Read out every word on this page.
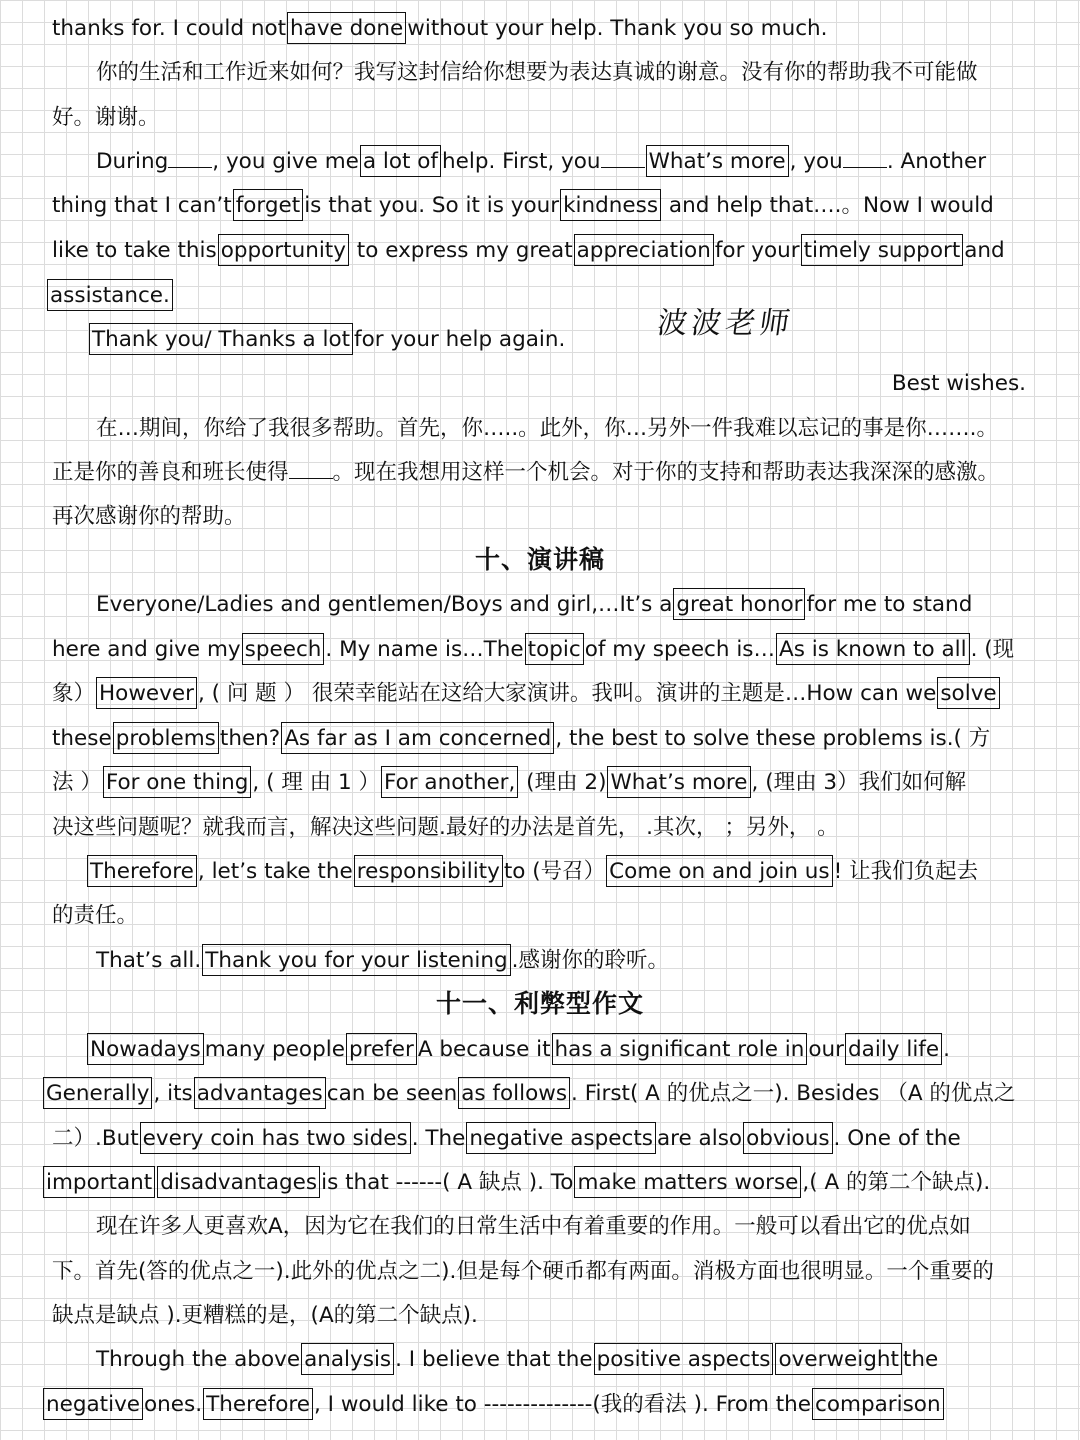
波波老师
thanks for. I could not have done without your help. Thank you so much.
你的生活和工作近来如何？我写这封信给你想要为表达真诚的谢意。没有你的帮助我不可能做
好。谢谢。
During , you give me a lot of help. First, you What’s more , you . Another
thing that I can’t forget is that you. So it is your kindness and help that….。Now I would
like to take this opportunity to express my great appreciation for your timely support and
assistance.
Thank you/ Thanks a lot for your help again.
Best wishes.
在…期间，你给了我很多帮助。首先，你…..。此外，你…另外一件我难以忘记的事是你…….。
正是你的善良和班长使得 。现在我想用这样一个机会。对于你的支持和帮助表达我深深的感激。
再次感谢你的帮助。
十、演讲稿
Everyone/Ladies and gentlemen/Boys and girl,…It’s a great honor for me to stand
here and give my speech . My name is…The topic of my speech is… As is known to all . (现
象） However , ( 问 题 ） 很荣幸能站在这给大家演讲。我叫。演讲的主题是…How can we solve
these problems then? As far as I am concerned , the best to solve these problems is.( 方
法 ） For one thing , ( 理 由 1 ） For another, (理由 2) What’s more , (理由 3）我们如何解
决这些问题呢？就我而言，解决这些问题.最好的办法是首先， .其次， ；另外， 。
Therefore , let’s take the responsibility to (号召） Come on and join us ! 让我们负起去
的责任。
That’s all. Thank you for your listening .感谢你的聆听。
十一、利弊型作文
Nowadays many people prefer A because it has a significant role in our daily life .
Generally , its advantages can be seen as follows . First( A 的优点之一). Besides （A 的优点之
二）.But every coin has two sides . The negative aspects are also obvious . One of the
important disadvantages is that ------( A 缺点 ). To make matters worse ,( A 的第二个缺点).
现在许多人更喜欢A，因为它在我们的日常生活中有着重要的作用。一般可以看出它的优点如
下。首先(答的优点之一).此外的优点之二).但是每个硬币都有两面。消极方面也很明显。一个重要的
缺点是缺点 ).更糟糕的是，(A的第二个缺点).
Through the above analysis . I believe that the positive aspects overweight the
negative ones. Therefore , I would like to --------------(我的看法 ). From the comparison
